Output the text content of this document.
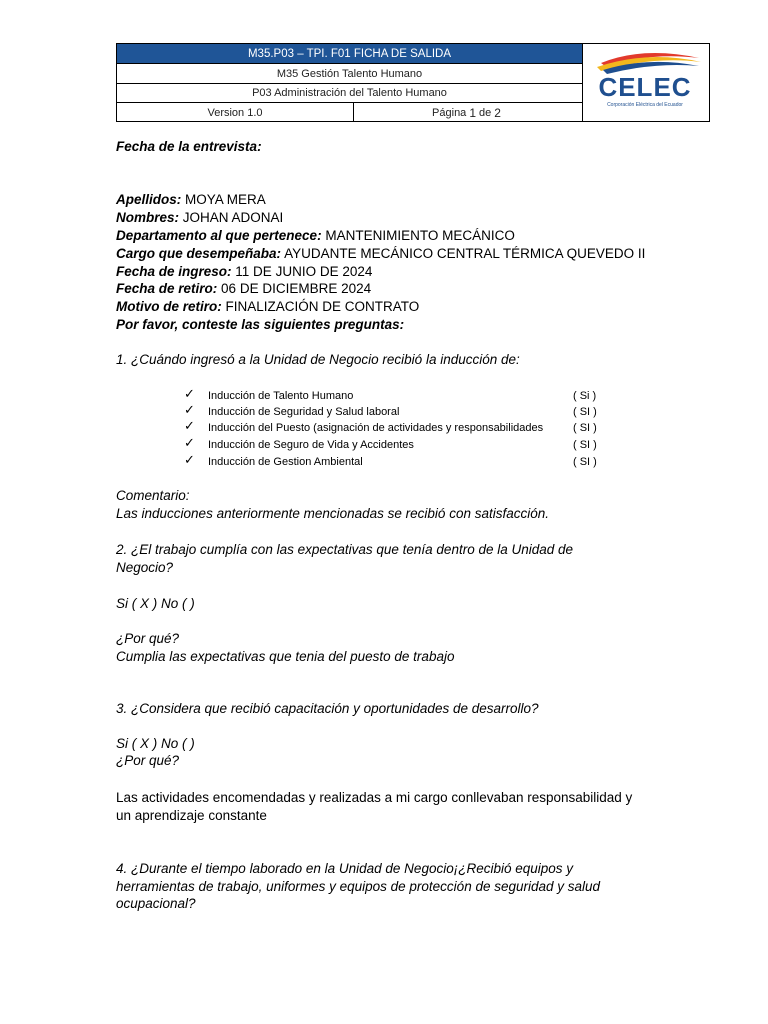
M35.P03 – TPI. F01 FICHA DE SALIDA
M35 Gestión Talento Humano
P03 Administración del Talento Humano
Version 1.0	Página 1 de 2
CELEC
Corporación Eléctrica del Ecuador
Fecha de la entrevista:
Apellidos: MOYA MERA
Nombres: JOHAN ADONAI
Departamento al que pertenece: MANTENIMIENTO MECÁNICO
Cargo que desempeñaba: AYUDANTE MECÁNICO CENTRAL TÉRMICA QUEVEDO II
Fecha de ingreso: 11 DE JUNIO DE 2024
Fecha de retiro: 06 DE DICIEMBRE 2024
Motivo de retiro: FINALIZACIÓN DE CONTRATO
Por favor, conteste las siguientes preguntas:
1. ¿Cuándo ingresó a la Unidad de Negocio recibió la inducción de:
✓ Inducción de Talento Humano	( Si )
✓ Inducción de Seguridad y Salud laboral	( SI )
✓ Inducción del Puesto (asignación de actividades y responsabilidades	( SI )
✓ Inducción de Seguro de Vida y Accidentes	( SI )
✓ Inducción de Gestion Ambiental	( SI )
Comentario:
Las inducciones anteriormente mencionadas se recibió con satisfacción.
2. ¿El trabajo cumplía con las expectativas que tenía dentro de la Unidad de
Negocio?
Si ( X ) No ( )
¿Por qué?
Cumplia las expectativas que tenia del puesto de trabajo
3. ¿Considera que recibió capacitación y oportunidades de desarrollo?
Si ( X ) No ( )
¿Por qué?
Las actividades encomendadas y realizadas a mi cargo conllevaban responsabilidad y
un aprendizaje constante
4. ¿Durante el tiempo laborado en la Unidad de Negocio¡¿Recibió equipos y
herramientas de trabajo, uniformes y equipos de protección de seguridad y salud
ocupacional?
